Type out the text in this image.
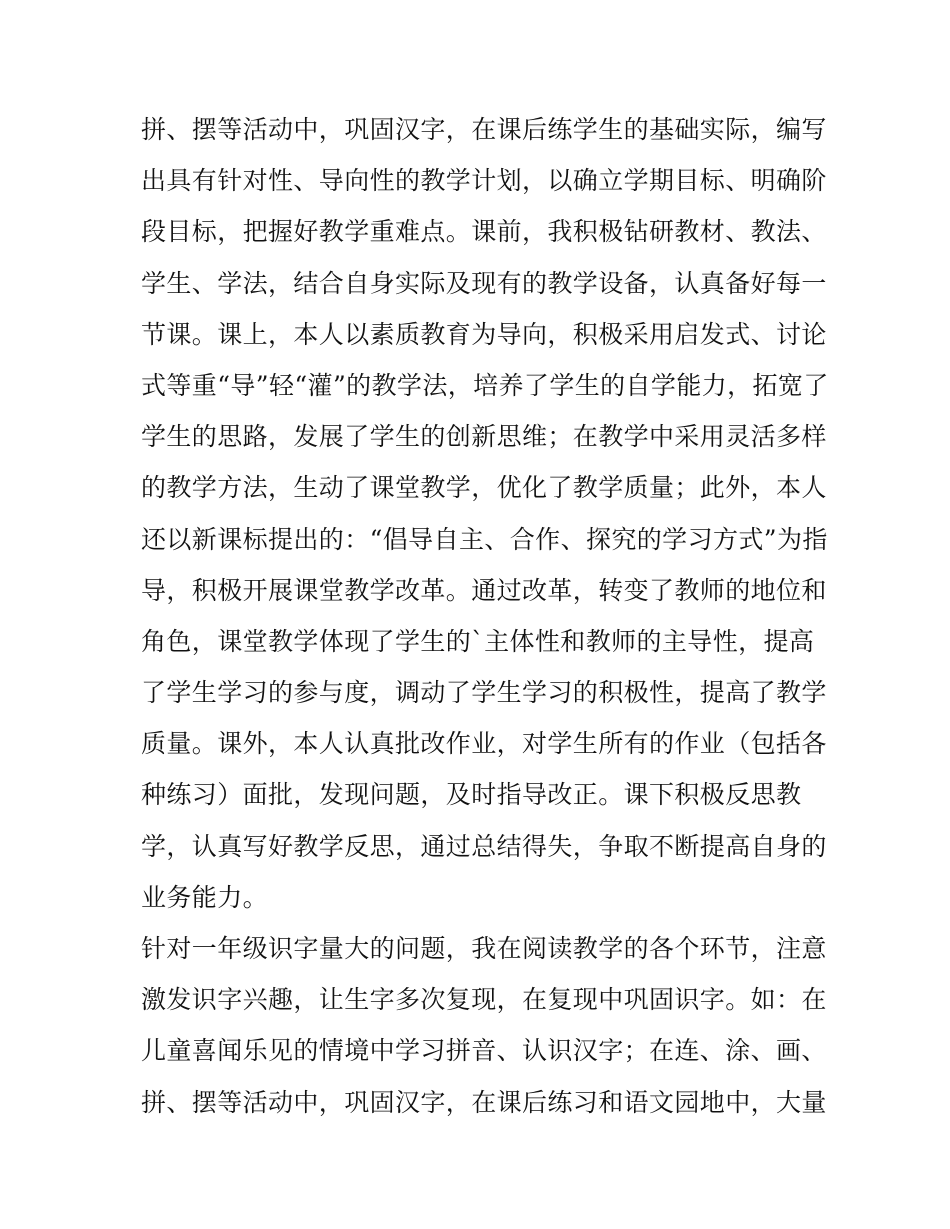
拼、摆等活动中，巩固汉字，在课后练学生的基础实际，编写
出具有针对性、导向性的教学计划，以确立学期目标、明确阶
段目标，把握好教学重难点。课前，我积极钻研教材、教法、
学生、学法，结合自身实际及现有的教学设备，认真备好每一
节课。课上，本人以素质教育为导向，积极采用启发式、讨论
式等重“导”轻“灌”的教学法，培养了学生的自学能力，拓宽了
学生的思路，发展了学生的创新思维；在教学中采用灵活多样
的教学方法，生动了课堂教学，优化了教学质量；此外，本人
还以新课标提出的：“倡导自主、合作、探究的学习方式”为指
导，积极开展课堂教学改革。通过改革，转变了教师的地位和
角色，课堂教学体现了学生的`主体性和教师的主导性，提高
了学生学习的参与度，调动了学生学习的积极性，提高了教学
质量。课外，本人认真批改作业，对学生所有的作业（包括各
种练习）面批，发现问题，及时指导改正。课下积极反思教
学，认真写好教学反思，通过总结得失，争取不断提高自身的
业务能力。
针对一年级识字量大的问题，我在阅读教学的各个环节，注意
激发识字兴趣，让生字多次复现，在复现中巩固识字。如：在
儿童喜闻乐见的情境中学习拼音、认识汉字；在连、涂、画、
拼、摆等活动中，巩固汉字，在课后练习和语文园地中，大量
